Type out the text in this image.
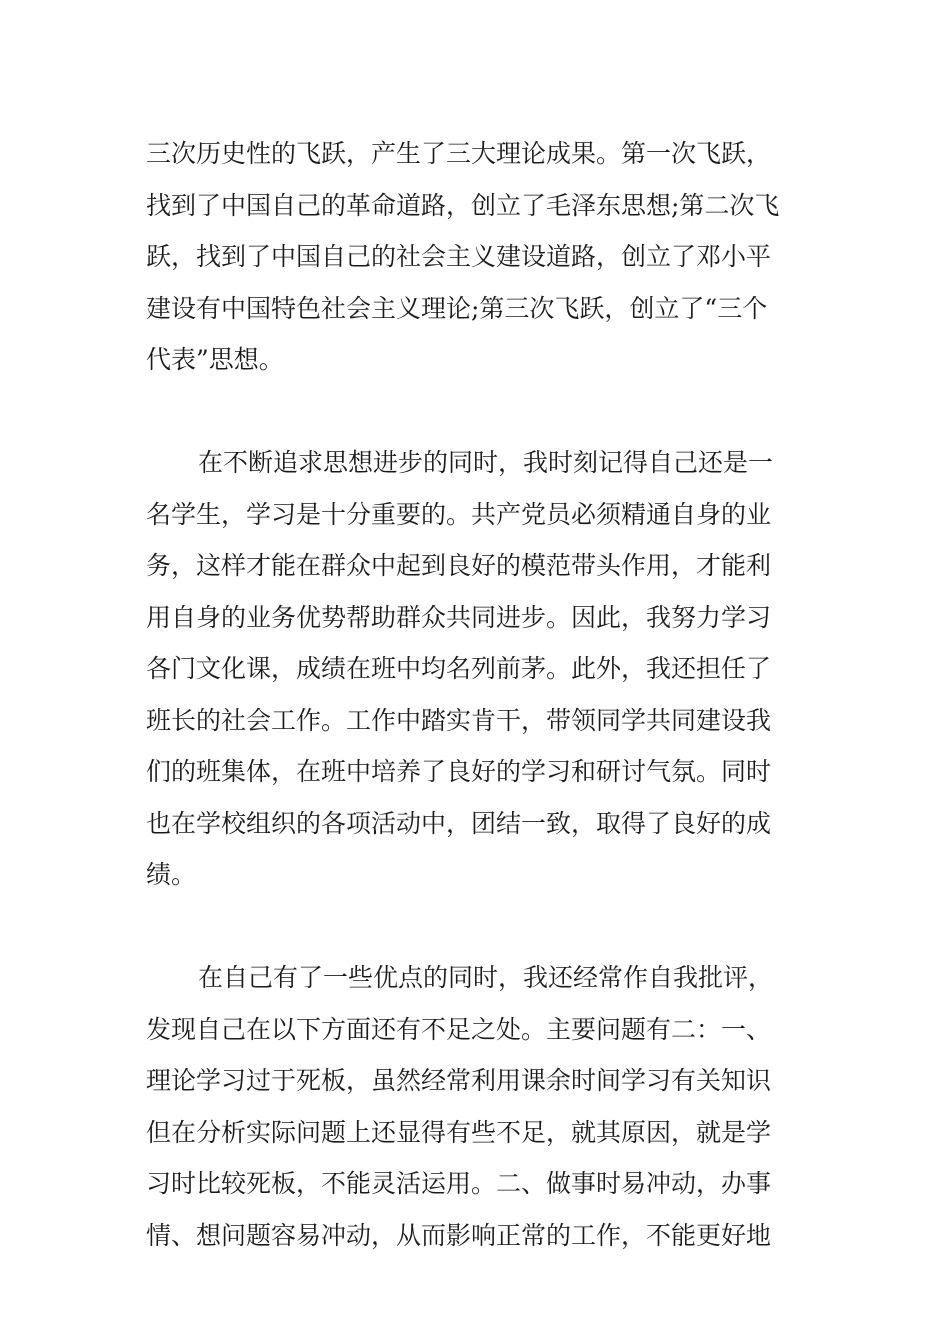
三次历史性的飞跃，产生了三大理论成果。第一次飞跃，
找到了中国自己的革命道路，创立了毛泽东思想;第二次飞
跃，找到了中国自己的社会主义建设道路，创立了邓小平
建设有中国特色社会主义理论;第三次飞跃，创立了“三个
代表”思想。
在不断追求思想进步的同时，我时刻记得自己还是一
名学生，学习是十分重要的。共产党员必须精通自身的业
务，这样才能在群众中起到良好的模范带头作用，才能利
用自身的业务优势帮助群众共同进步。因此，我努力学习
各门文化课，成绩在班中均名列前茅。此外，我还担任了
班长的社会工作。工作中踏实肯干，带领同学共同建设我
们的班集体，在班中培养了良好的学习和研讨气氛。同时
也在学校组织的各项活动中，团结一致，取得了良好的成
绩。
在自己有了一些优点的同时，我还经常作自我批评，
发现自己在以下方面还有不足之处。主要问题有二：一、
理论学习过于死板，虽然经常利用课余时间学习有关知识
但在分析实际问题上还显得有些不足，就其原因，就是学
习时比较死板，不能灵活运用。二、做事时易冲动，办事
情、想问题容易冲动，从而影响正常的工作，不能更好地
